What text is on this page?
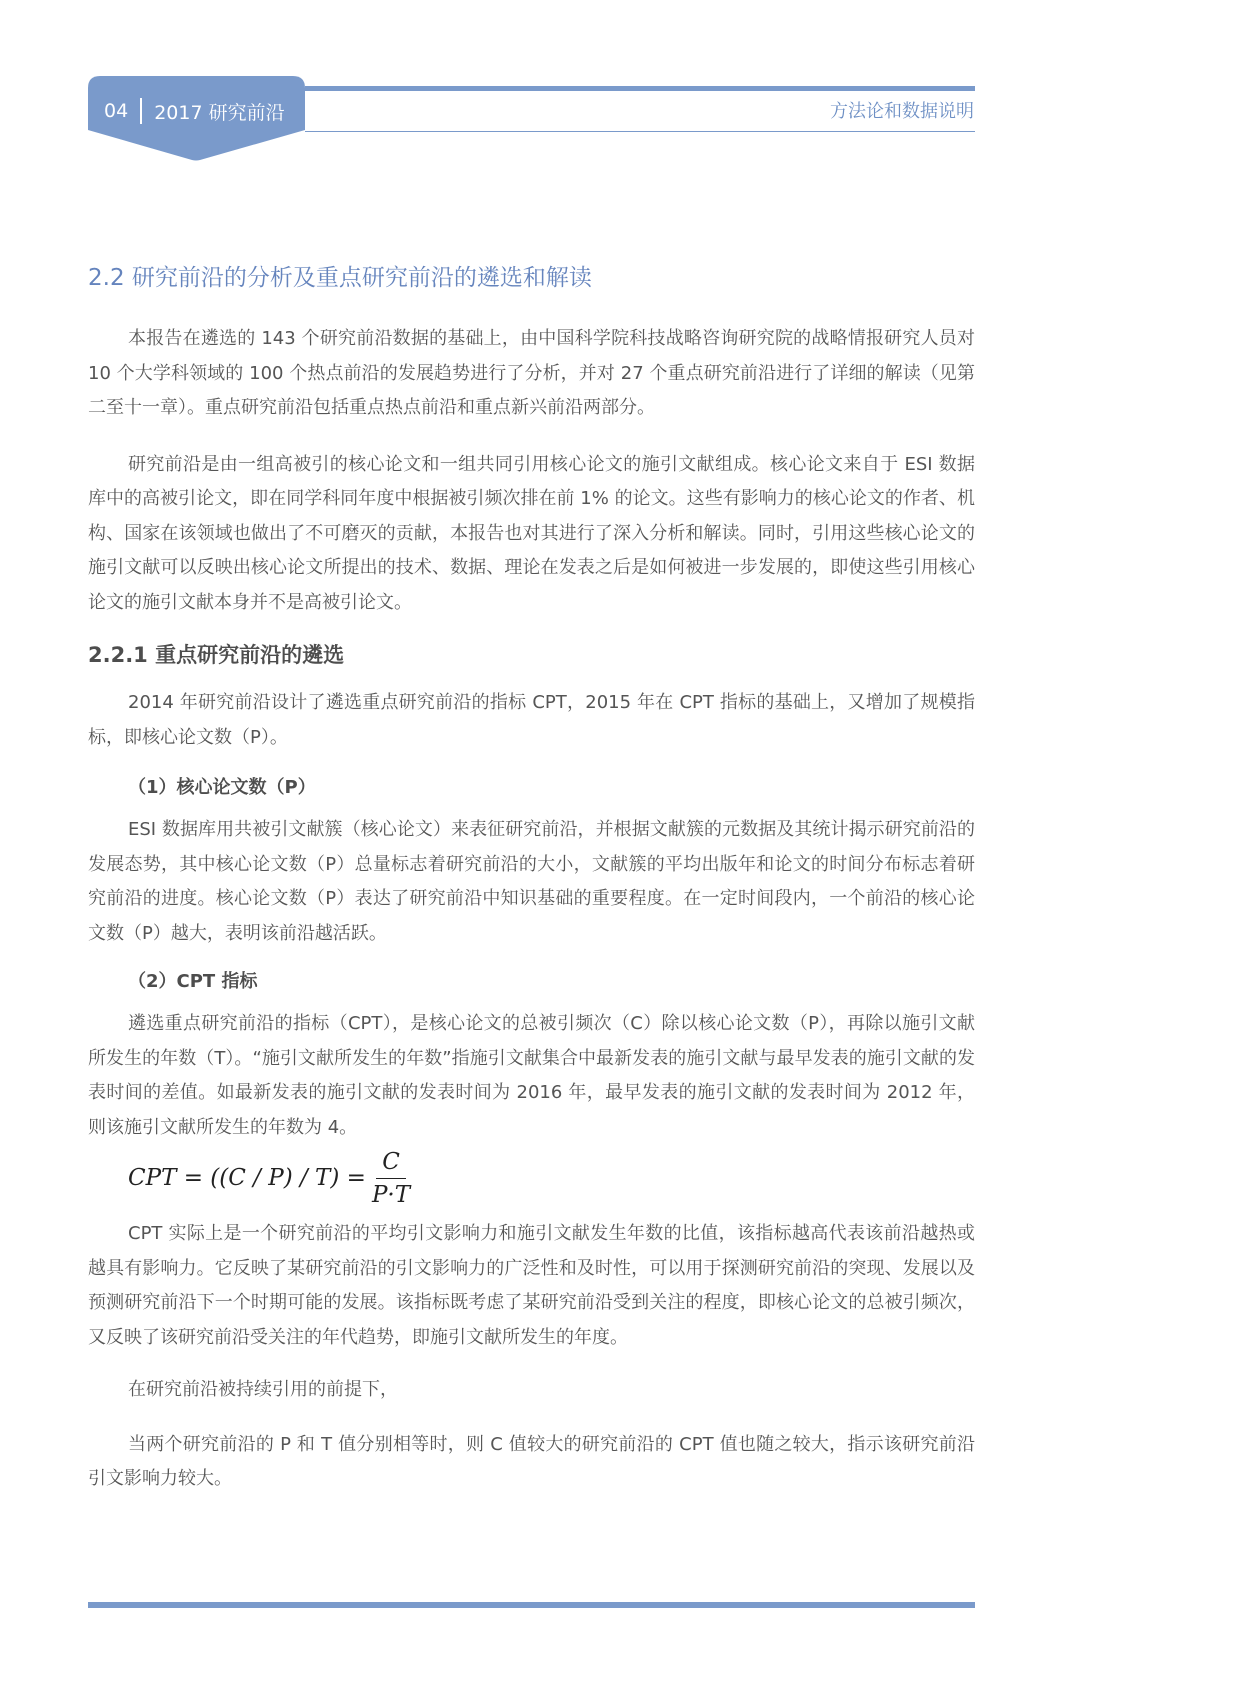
04 2017 研究前沿	方法论和数据说明
2.2 研究前沿的分析及重点研究前沿的遴选和解读

本报告在遴选的 143 个研究前沿数据的基础上，由中国科学院科技战略咨询研究院的战略情报研究人员对 10 个大学科领域的 100 个热点前沿的发展趋势进行了分析，并对 27 个重点研究前沿进行了详细的解读（见第二至十一章）。重点研究前沿包括重点热点前沿和重点新兴前沿两部分。

研究前沿是由一组高被引的核心论文和一组共同引用核心论文的施引文献组成。核心论文来自于 ESI 数据库中的高被引论文，即在同学科同年度中根据被引频次排在前 1% 的论文。这些有影响力的核心论文的作者、机构、国家在该领域也做出了不可磨灭的贡献，本报告也对其进行了深入分析和解读。同时，引用这些核心论文的施引文献可以反映出核心论文所提出的技术、数据、理论在发表之后是如何被进一步发展的，即使这些引用核心论文的施引文献本身并不是高被引论文。

2.2.1 重点研究前沿的遴选

2014 年研究前沿设计了遴选重点研究前沿的指标 CPT，2015 年在 CPT 指标的基础上，又增加了规模指标，即核心论文数（P）。

（1）核心论文数（P）

ESI 数据库用共被引文献簇（核心论文）来表征研究前沿，并根据文献簇的元数据及其统计揭示研究前沿的发展态势，其中核心论文数（P）总量标志着研究前沿的大小，文献簇的平均出版年和论文的时间分布标志着研究前沿的进度。核心论文数（P）表达了研究前沿中知识基础的重要程度。在一定时间段内，一个前沿的核心论文数（P）越大，表明该前沿越活跃。

（2）CPT 指标

遴选重点研究前沿的指标（CPT），是核心论文的总被引频次（C）除以核心论文数（P），再除以施引文献所发生的年数（T）。“施引文献所发生的年数”指施引文献集合中最新发表的施引文献与最早发表的施引文献的发表时间的差值。如最新发表的施引文献的发表时间为 2016 年，最早发表的施引文献的发表时间为 2012 年，则该施引文献所发生的年数为 4。

CPT = $((C / P) / T) = \frac{C}{P\cdot T}$

CPT 实际上是一个研究前沿的平均引文影响力和施引文献发生年数的比值，该指标越高代表该前沿越热或越具有影响力。它反映了某研究前沿的引文影响力的广泛性和及时性，可以用于探测研究前沿的突现、发展以及预测研究前沿下一个时期可能的发展。该指标既考虑了某研究前沿受到关注的程度，即核心论文的总被引频次，又反映了该研究前沿受关注的年代趋势，即施引文献所发生的年度。

在研究前沿被持续引用的前提下，

当两个研究前沿的 P 和 T 值分别相等时，则 C 值较大的研究前沿的 CPT 值也随之较大，指示该研究前沿引文影响力较大。
